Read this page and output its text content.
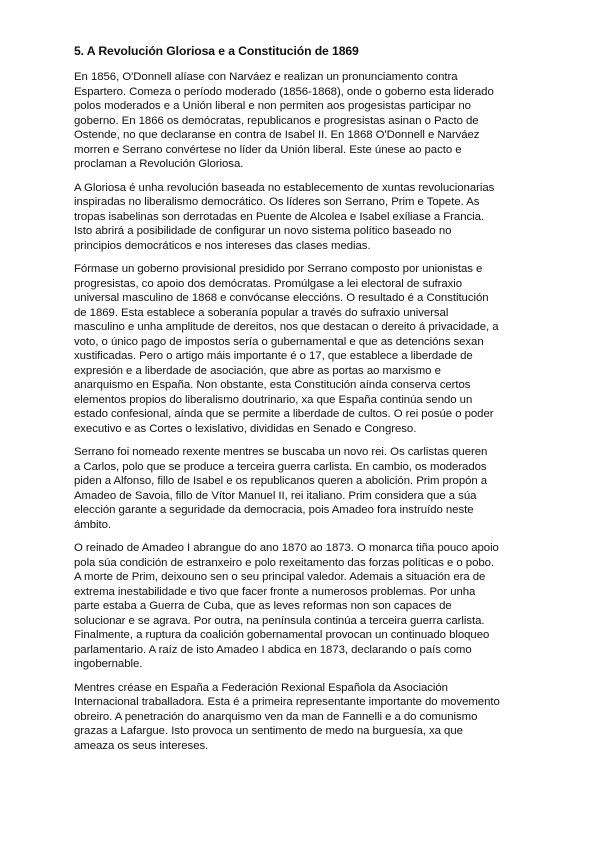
5. A Revolución Gloriosa e a Constitución de 1869
En 1856, O'Donnell alíase con Narváez e realizan un pronunciamento contra
Espartero. Comeza o período moderado (1856-1868), onde o goberno esta liderado
polos moderados e a Unión liberal e non permiten aos progesistas participar no
goberno. En 1866 os demócratas, republicanos e progresistas asinan o Pacto de
Ostende, no que declaranse en contra de Isabel II. En 1868 O'Donnell e Narváez
morren e Serrano convértese no líder da Unión liberal. Este únese ao pacto e
proclaman a Revolución Gloriosa.
A Gloriosa é unha revolución baseada no establecemento de xuntas revolucionarias
inspiradas no liberalismo democrático. Os líderes son Serrano, Prim e Topete. As
tropas isabelinas son derrotadas en Puente de Alcolea e Isabel exíliase a Francia.
Isto abrirá a posibilidade de configurar un novo sistema político baseado no
principios democráticos e nos intereses das clases medias.
Fórmase un goberno provisional presidido por Serrano composto por unionistas e
progresistas, co apoio dos demócratas. Promúlgase a lei electoral de sufraxio
universal masculino de 1868 e convócanse eleccións. O resultado é a Constitución
de 1869. Esta establece a soberanía popular a través do sufraxio universal
masculino e unha amplitude de dereitos, nos que destacan o dereito á privacidade, a
voto, o único pago de impostos sería o gubernamental e que as detencións sexan
xustificadas. Pero o artigo máis importante é o 17, que establece a liberdade de
expresión e a liberdade de asociación, que abre as portas ao marxismo e
anarquismo en España. Non obstante, esta Constitución aínda conserva certos
elementos propios do liberalismo doutrinario, xa que España continúa sendo un
estado confesional, aínda que se permite a liberdade de cultos. O rei posúe o poder
executivo e as Cortes o lexislativo, divididas en Senado e Congreso.
Serrano foi nomeado rexente mentres se buscaba un novo rei. Os carlistas queren
a Carlos, polo que se produce a terceira guerra carlista. En cambio, os moderados
piden a Alfonso, fillo de Isabel e os republicanos queren a abolición. Prim propón a
Amadeo de Savoia, fillo de Vítor Manuel II, rei italiano. Prim considera que a súa
elección garante a seguridade da democracia, pois Amadeo fora instruído neste
ámbito.
O reinado de Amadeo I abrangue do ano 1870 ao 1873. O monarca tiña pouco apoio
pola súa condición de estranxeiro e polo rexeitamento das forzas políticas e o pobo.
A morte de Prim, deixouno sen o seu principal valedor. Ademais a situación era de
extrema inestabilidade e tivo que facer fronte a numerosos problemas. Por unha
parte estaba a Guerra de Cuba, que as leves reformas non son capaces de
solucionar e se agrava. Por outra, na península continúa a terceira guerra carlista.
Finalmente, a ruptura da coalición gobernamental provocan un continuado bloqueo
parlamentario. A raíz de isto Amadeo I abdica en 1873, declarando o país como
ingobernable.
Mentres créase en España a Federación Rexional Española da Asociación
Internacional traballadora. Esta é a primeira representante importante do movemento
obreiro. A penetración do anarquismo ven da man de Fannelli e a do comunismo
grazas a Lafargue. Isto provoca un sentimento de medo na burguesía, xa que
ameaza os seus intereses.
